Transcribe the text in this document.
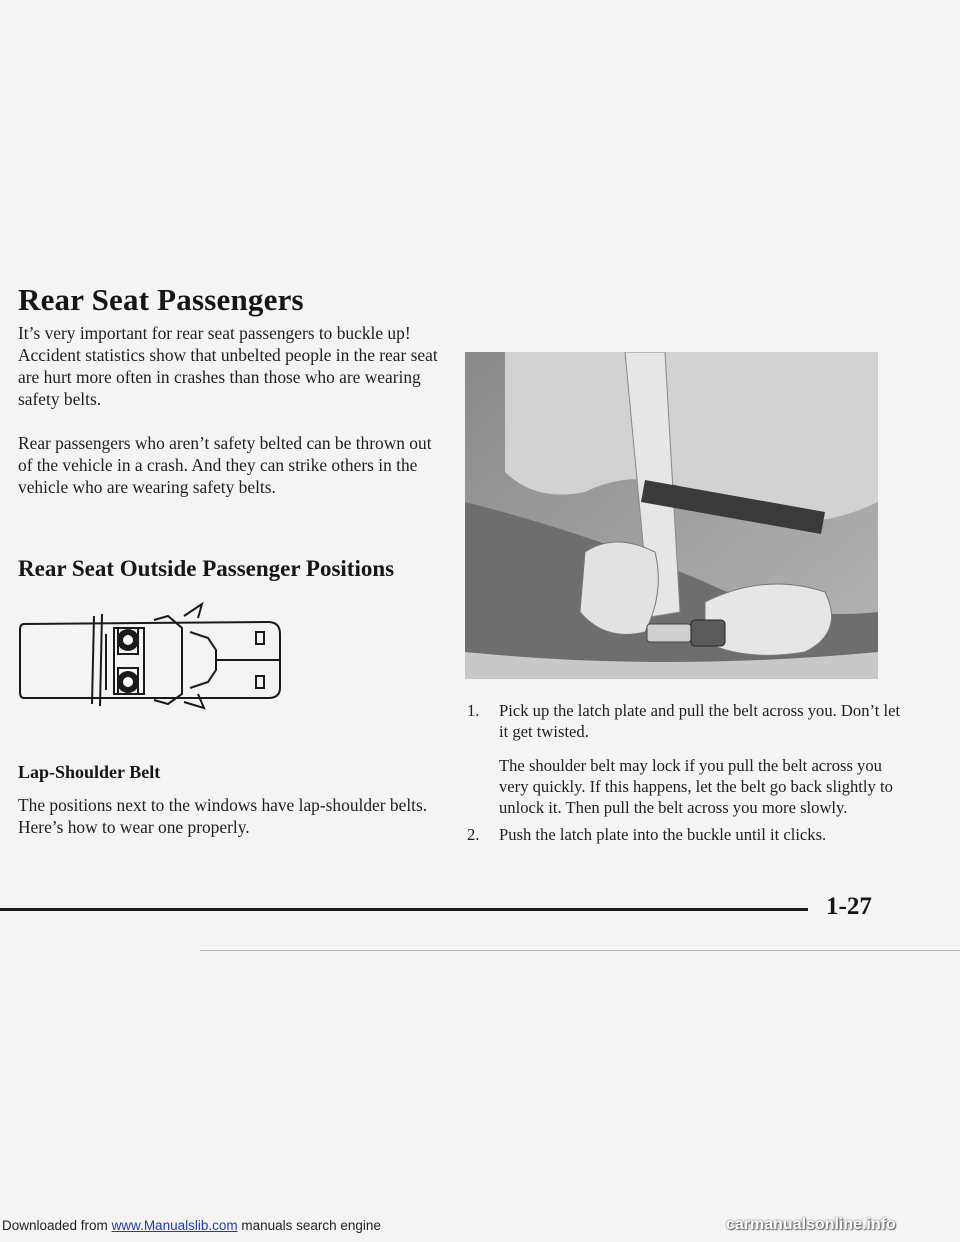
Rear Seat Passengers

It’s very important for rear seat passengers to buckle up! Accident statistics show that unbelted people in the rear seat are hurt more often in crashes than those who are wearing safety belts.

Rear passengers who aren’t safety belted can be thrown out of the vehicle in a crash. And they can strike others in the vehicle who are wearing safety belts.

Rear Seat Outside Passenger Positions
Lap-Shoulder Belt

The positions next to the windows have lap-shoulder belts. Here’s how to wear one properly.

1. Pick up the latch plate and pull the belt across you. Don’t let it get twisted.
The shoulder belt may lock if you pull the belt across you very quickly. If this happens, let the belt go back slightly to unlock it. Then pull the belt across you more slowly.

2. Push the latch plate into the buckle until it clicks.

1-27

Downloaded from www.Manualslib.com manuals search engine	carmanualsonline.info
